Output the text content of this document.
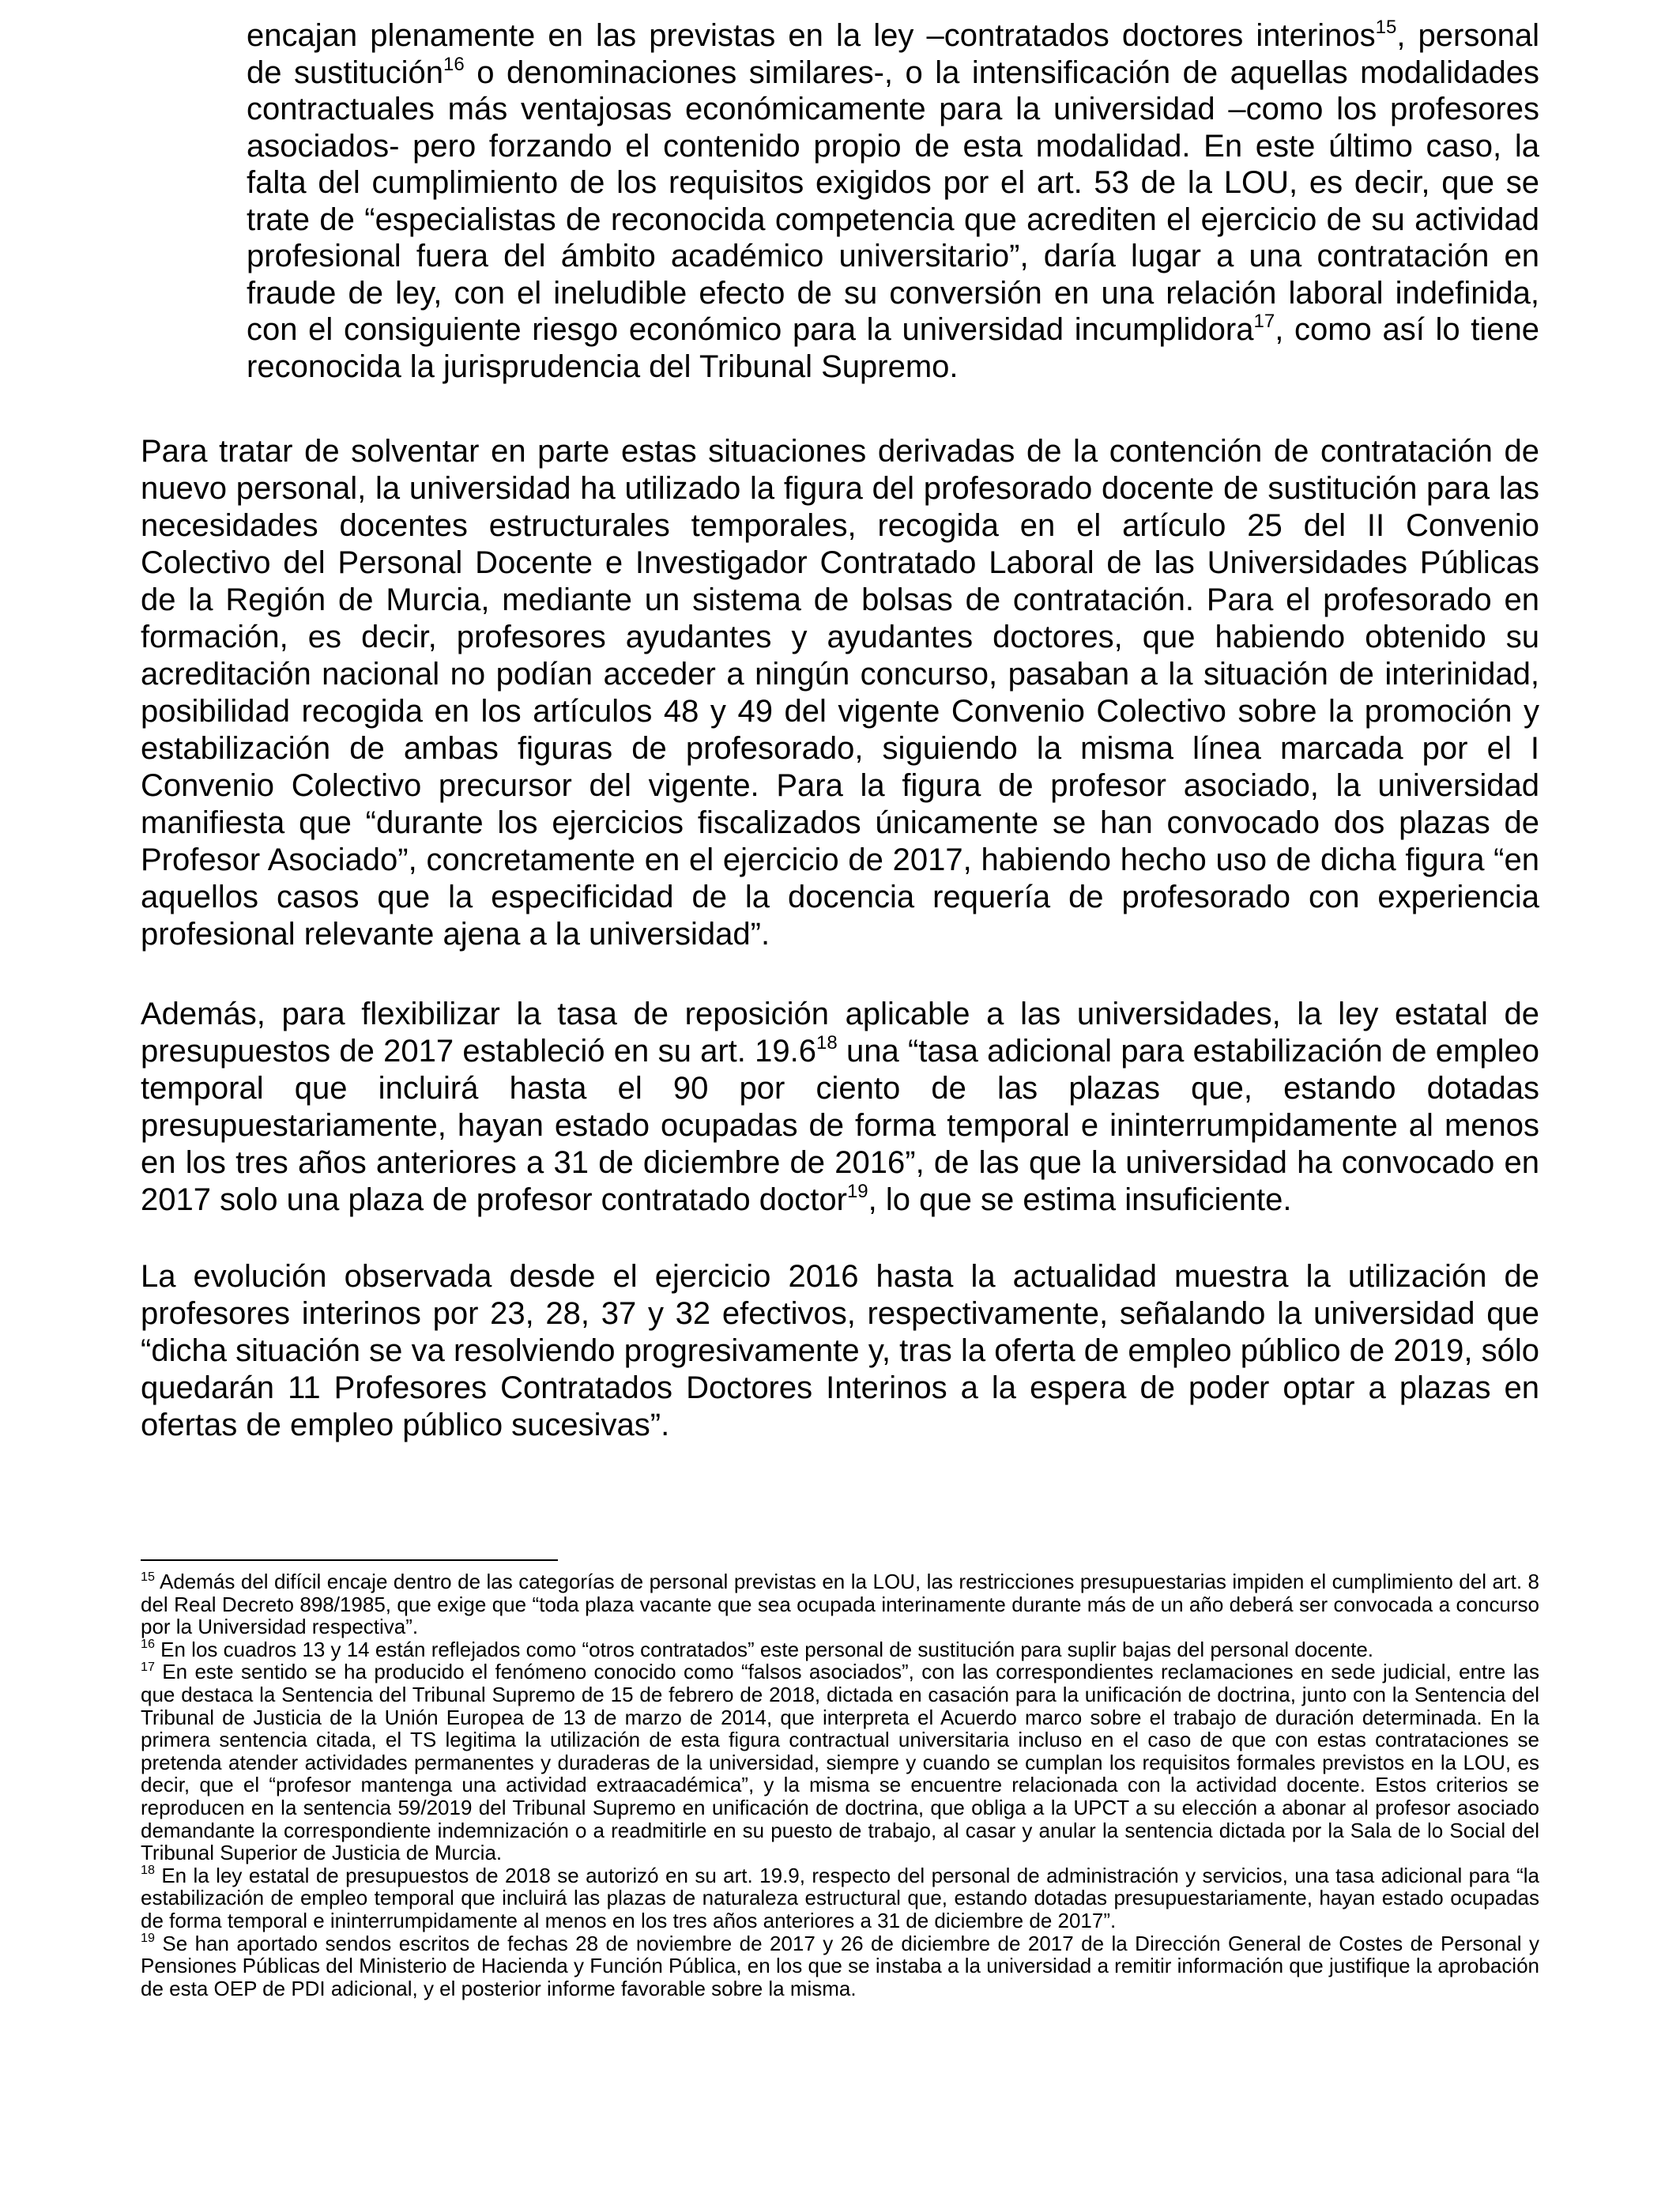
encajan plenamente en las previstas en la ley –contratados doctores interinos$^{15}$, personal de sustitución$^{16}$ o denominaciones similares-, o la intensificación de aquellas modalidades contractuales más ventajosas económicamente para la universidad –como los profesores asociados- pero forzando el contenido propio de esta modalidad. En este último caso, la falta del cumplimiento de los requisitos exigidos por el art. 53 de la LOU, es decir, que se trate de “especialistas de reconocida competencia que acrediten el ejercicio de su actividad profesional fuera del ámbito académico universitario”, daría lugar a una contratación en fraude de ley, con el ineludible efecto de su conversión en una relación laboral indefinida, con el consiguiente riesgo económico para la universidad incumplidora$^{17}$, como así lo tiene reconocida la jurisprudencia del Tribunal Supremo.

Para tratar de solventar en parte estas situaciones derivadas de la contención de contratación de nuevo personal, la universidad ha utilizado la figura del profesorado docente de sustitución para las necesidades docentes estructurales temporales, recogida en el artículo 25 del II Convenio Colectivo del Personal Docente e Investigador Contratado Laboral de las Universidades Públicas de la Región de Murcia, mediante un sistema de bolsas de contratación. Para el profesorado en formación, es decir, profesores ayudantes y ayudantes doctores, que habiendo obtenido su acreditación nacional no podían acceder a ningún concurso, pasaban a la situación de interinidad, posibilidad recogida en los artículos 48 y 49 del vigente Convenio Colectivo sobre la promoción y estabilización de ambas figuras de profesorado, siguiendo la misma línea marcada por el I Convenio Colectivo precursor del vigente. Para la figura de profesor asociado, la universidad manifiesta que “durante los ejercicios fiscalizados únicamente se han convocado dos plazas de Profesor Asociado”, concretamente en el ejercicio de 2017, habiendo hecho uso de dicha figura “en aquellos casos que la especificidad de la docencia requería de profesorado con experiencia profesional relevante ajena a la universidad”.

Además, para flexibilizar la tasa de reposición aplicable a las universidades, la ley estatal de presupuestos de 2017 estableció en su art. 19.6$^{18}$ una “tasa adicional para estabilización de empleo temporal que incluirá hasta el 90 por ciento de las plazas que, estando dotadas presupuestariamente, hayan estado ocupadas de forma temporal e ininterrumpidamente al menos en los tres años anteriores a 31 de diciembre de 2016”, de las que la universidad ha convocado en 2017 solo una plaza de profesor contratado doctor$^{19}$, lo que se estima insuficiente.

La evolución observada desde el ejercicio 2016 hasta la actualidad muestra la utilización de profesores interinos por 23, 28, 37 y 32 efectivos, respectivamente, señalando la universidad que “dicha situación se va resolviendo progresivamente y, tras la oferta de empleo público de 2019, sólo quedarán 11 Profesores Contratados Doctores Interinos a la espera de poder optar a plazas en ofertas de empleo público sucesivas”.

$^{15}$ Además del difícil encaje dentro de las categorías de personal previstas en la LOU, las restricciones presupuestarias impiden el cumplimiento del art. 8 del Real Decreto 898/1985, que exige que “toda plaza vacante que sea ocupada interinamente durante más de un año deberá ser convocada a concurso por la Universidad respectiva”.

$^{16}$ En los cuadros 13 y 14 están reflejados como “otros contratados” este personal de sustitución para suplir bajas del personal docente.

$^{17}$ En este sentido se ha producido el fenómeno conocido como “falsos asociados”, con las correspondientes reclamaciones en sede judicial, entre las que destaca la Sentencia del Tribunal Supremo de 15 de febrero de 2018, dictada en casación para la unificación de doctrina, junto con la Sentencia del Tribunal de Justicia de la Unión Europea de 13 de marzo de 2014, que interpreta el Acuerdo marco sobre el trabajo de duración determinada. En la primera sentencia citada, el TS legitima la utilización de esta figura contractual universitaria incluso en el caso de que con estas contrataciones se pretenda atender actividades permanentes y duraderas de la universidad, siempre y cuando se cumplan los requisitos formales previstos en la LOU, es decir, que el “profesor mantenga una actividad extraacadémica”, y la misma se encuentre relacionada con la actividad docente. Estos criterios se reproducen en la sentencia 59/2019 del Tribunal Supremo en unificación de doctrina, que obliga a la UPCT a su elección a abonar al profesor asociado demandante la correspondiente indemnización o a readmitirle en su puesto de trabajo, al casar y anular la sentencia dictada por la Sala de lo Social del Tribunal Superior de Justicia de Murcia.

$^{18}$ En la ley estatal de presupuestos de 2018 se autorizó en su art. 19.9, respecto del personal de administración y servicios, una tasa adicional para “la estabilización de empleo temporal que incluirá las plazas de naturaleza estructural que, estando dotadas presupuestariamente, hayan estado ocupadas de forma temporal e ininterrumpidamente al menos en los tres años anteriores a 31 de diciembre de 2017”.

$^{19}$ Se han aportado sendos escritos de fechas 28 de noviembre de 2017 y 26 de diciembre de 2017 de la Dirección General de Costes de Personal y Pensiones Públicas del Ministerio de Hacienda y Función Pública, en los que se instaba a la universidad a remitir información que justifique la aprobación de esta OEP de PDI adicional, y el posterior informe favorable sobre la misma.
